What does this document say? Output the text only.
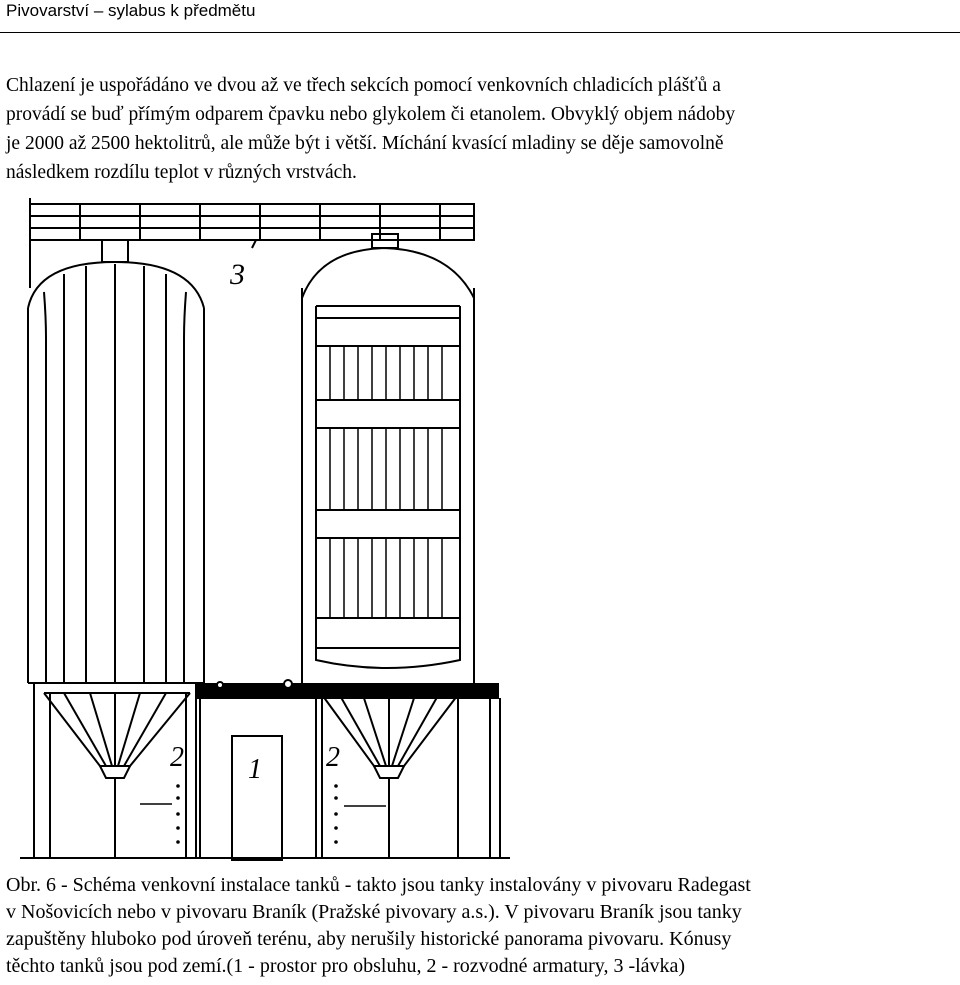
Pivovarství – sylabus k předmětu
Chlazení je uspořádáno ve dvou až ve třech sekcích pomocí venkovních chladicích plášťů a
provádí se buď přímým odparem čpavku nebo glykolem či etanolem. Obvyklý objem nádoby
je 2000 až 2500 hektolitrů, ale může být i větší. Míchání kvasící mladiny se děje samovolně
následkem rozdílu teplot v různých vrstvách.
3
1
2	2
Obr. 6 - Schéma venkovní instalace tanků - takto jsou tanky instalovány v pivovaru Radegast
v Nošovicích nebo v pivovaru Braník (Pražské pivovary a.s.). V pivovaru Braník jsou tanky
zapuštěny hluboko pod úroveň terénu, aby nerušily historické panorama pivovaru. Kónusy
těchto tanků jsou pod zemí.(1 - prostor pro obsluhu, 2 - rozvodné armatury, 3 -lávka)
